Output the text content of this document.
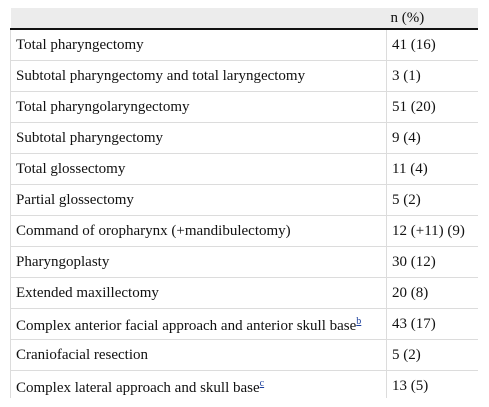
	n (%)
Total pharyngectomy	41 (16)
Subtotal pharyngectomy and total laryngectomy	3 (1)
Total pharyngolaryngectomy	51 (20)
Subtotal pharyngectomy	9 (4)
Total glossectomy	11 (4)
Partial glossectomy	5 (2)
Command of oropharynx (+mandibulectomy)	12 (+11) (9)
Pharyngoplasty	30 (12)
Extended maxillectomy	20 (8)
Complex anterior facial approach and anterior skull base$^b$	43 (17)
Craniofacial resection	5 (2)
Complex lateral approach and skull base$^c$	13 (5)
